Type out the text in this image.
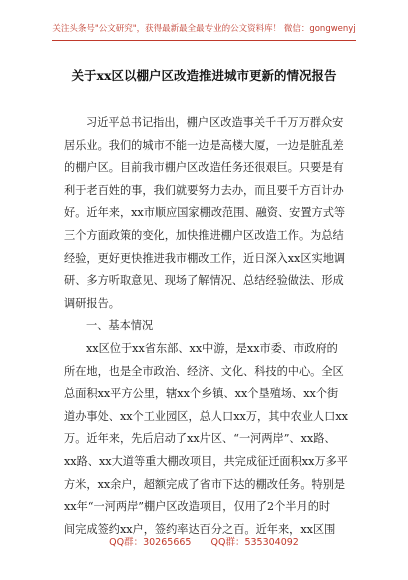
关注头条号"公文研究"，获得最新最全最专业的公文资料库！ 微信：gongwenyj
关于xx区以棚户区改造推进城市更新的情况报告
习近平总书记指出，棚户区改造事关千千万万群众安
居乐业。我们的城市不能一边是高楼大厦，一边是脏乱差
的棚户区。目前我市棚户区改造任务还很艰巨。只要是有
利于老百姓的事，我们就要努力去办，而且要千方百计办
好。近年来，xx市顺应国家棚改范围、融资、安置方式等
三个方面政策的变化，加快推进棚户区改造工作。为总结
经验，更好更快推进我市棚改工作，近日深入xx区实地调
研、多方听取意见、现场了解情况、总结经验做法、形成
调研报告。
一、基本情况
xx区位于xx省东部、xx中游，是xx市委、市政府的
所在地，也是全市政治、经济、文化、科技的中心。全区
总面积xx平方公里，辖xx个乡镇、xx个垦殖场、xx个街
道办事处、xx个工业园区，总人口xx万，其中农业人口xx
万。近年来，先后启动了xx片区、“一河两岸”、xx路、
xx路、xx大道等重大棚改项目，共完成征迁面积xx万多平
方米，xx余户，超额完成了省市下达的棚改任务。特别是
xx年“一河两岸”棚户区改造项目，仅用了2个半月的时
间完成签约xx户，签约率达百分之百。近年来，xx区围
QQ群：30265665 QQ群：535304092
